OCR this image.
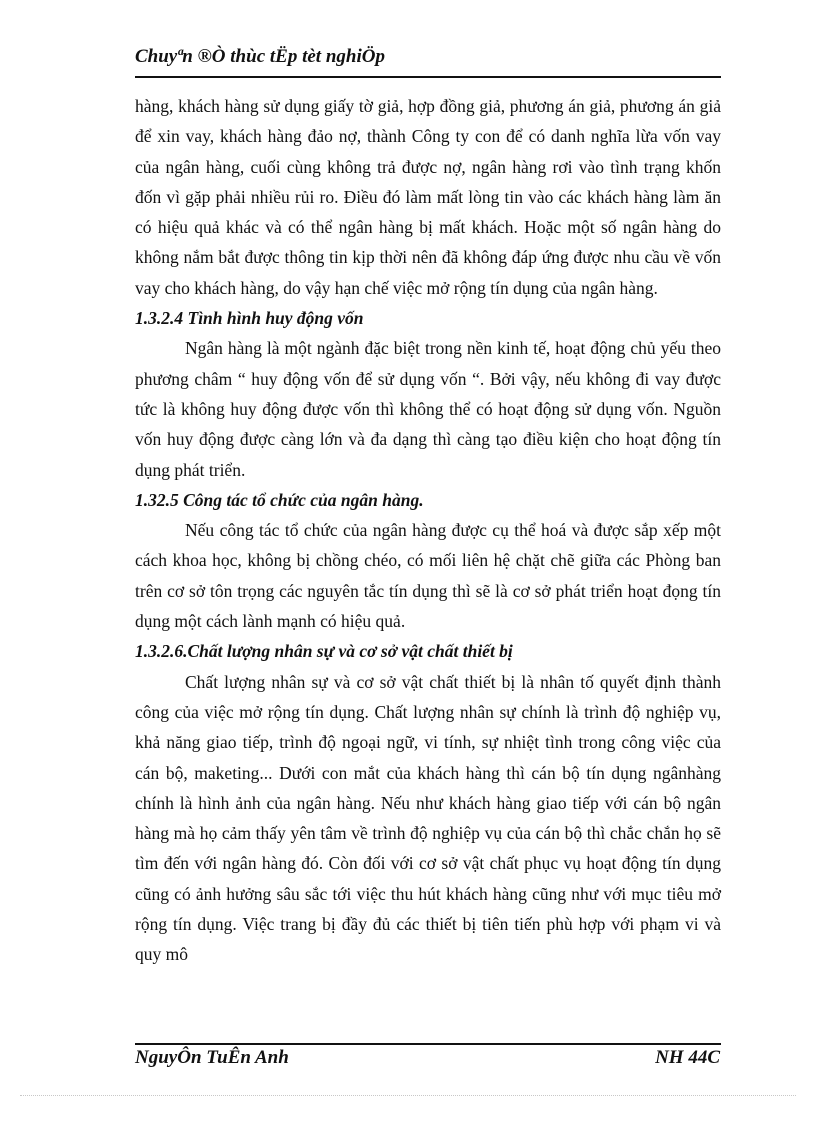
Chuyªn ®Ò thùc tËp tèt nghiÖp

hàng, khách hàng sử dụng giấy tờ giả, hợp đồng giả, phương án giả, phương án giả để xin vay, khách hàng đảo nợ, thành Công ty con để có danh nghĩa lừa vốn vay của ngân hàng, cuối cùng không trả được nợ, ngân hàng rơi vào tình trạng khốn đốn vì gặp phải nhiều rủi ro. Điều đó làm mất lòng tin vào các khách hàng làm ăn có hiệu quả khác và có thể ngân hàng bị mất khách. Hoặc một số ngân hàng do không nắm bắt được thông tin kịp thời nên đã không đáp ứng được nhu cầu về vốn vay cho khách hàng, do vậy hạn chế việc mở rộng tín dụng của ngân hàng.

1.3.2.4 Tình hình huy động vốn

Ngân hàng là một ngành đặc biệt trong nền kinh tế, hoạt động chủ yếu theo phương châm “ huy động vốn để sử dụng vốn “. Bởi vậy, nếu không đi vay được tức là không huy động được vốn thì không thể có hoạt động sử dụng vốn. Nguồn vốn huy động được càng lớn và đa dạng thì càng tạo điều kiện cho hoạt động tín dụng phát triển.

1.32.5 Công tác tổ chức của ngân hàng.

Nếu công tác tổ chức của ngân hàng được cụ thể hoá và được sắp xếp một cách khoa học, không bị chồng chéo, có mối liên hệ chặt chẽ giữa các Phòng ban trên cơ sở tôn trọng các nguyên tắc tín dụng thì sẽ là cơ sở phát triển hoạt đọng tín dụng một cách lành mạnh có hiệu quả.

1.3.2.6.Chất lượng nhân sự và cơ sở vật chất thiết bị

Chất lượng nhân sự và cơ sở vật chất thiết bị là nhân tố quyết định thành công của việc mở rộng tín dụng. Chất lượng nhân sự chính là trình độ nghiệp vụ, khả năng giao tiếp, trình độ ngoại ngữ, vi tính, sự nhiệt tình trong công việc của cán bộ, maketing... Dưới con mắt của khách hàng thì cán bộ tín dụng ngânhàng chính là hình ảnh của ngân hàng. Nếu như khách hàng giao tiếp với cán bộ ngân hàng mà họ cảm thấy yên tâm về trình độ nghiệp vụ của cán bộ thì chắc chắn họ sẽ tìm đến với ngân hàng đó. Còn đối với cơ sở vật chất phục vụ hoạt động tín dụng cũng có ảnh hưởng sâu sắc tới việc thu hút khách hàng cũng như với mục tiêu mở rộng tín dụng. Việc trang bị đầy đủ các thiết bị tiên tiến phù hợp với phạm vi và quy mô

NguyÔn TuÊn Anh	NH 44C
